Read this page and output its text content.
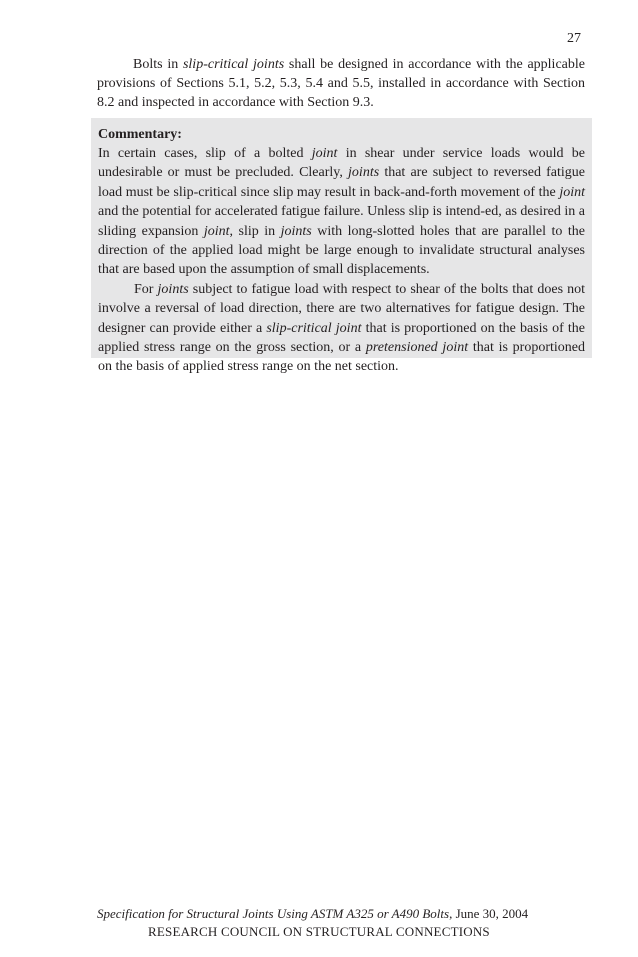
27

Bolts in slip-critical joints shall be designed in accordance with the applicable provisions of Sections 5.1, 5.2, 5.3, 5.4 and 5.5, installed in accordance with Section 8.2 and inspected in accordance with Section 9.3.

Commentary:

In certain cases, slip of a bolted joint in shear under service loads would be undesirable or must be precluded. Clearly, joints that are subject to reversed fatigue load must be slip-critical since slip may result in back-and-forth movement of the joint and the potential for accelerated fatigue failure. Unless slip is intend-ed, as desired in a sliding expansion joint, slip in joints with long-slotted holes that are parallel to the direction of the applied load might be large enough to invalidate structural analyses that are based upon the assumption of small displacements.

For joints subject to fatigue load with respect to shear of the bolts that does not involve a reversal of load direction, there are two alternatives for fatigue design. The designer can provide either a slip-critical joint that is proportioned on the basis of the applied stress range on the gross section, or a pretensioned joint that is proportioned on the basis of applied stress range on the net section.

Specification for Structural Joints Using ASTM A325 or A490 Bolts, June 30, 2004

RESEARCH COUNCIL ON STRUCTURAL CONNECTIONS
